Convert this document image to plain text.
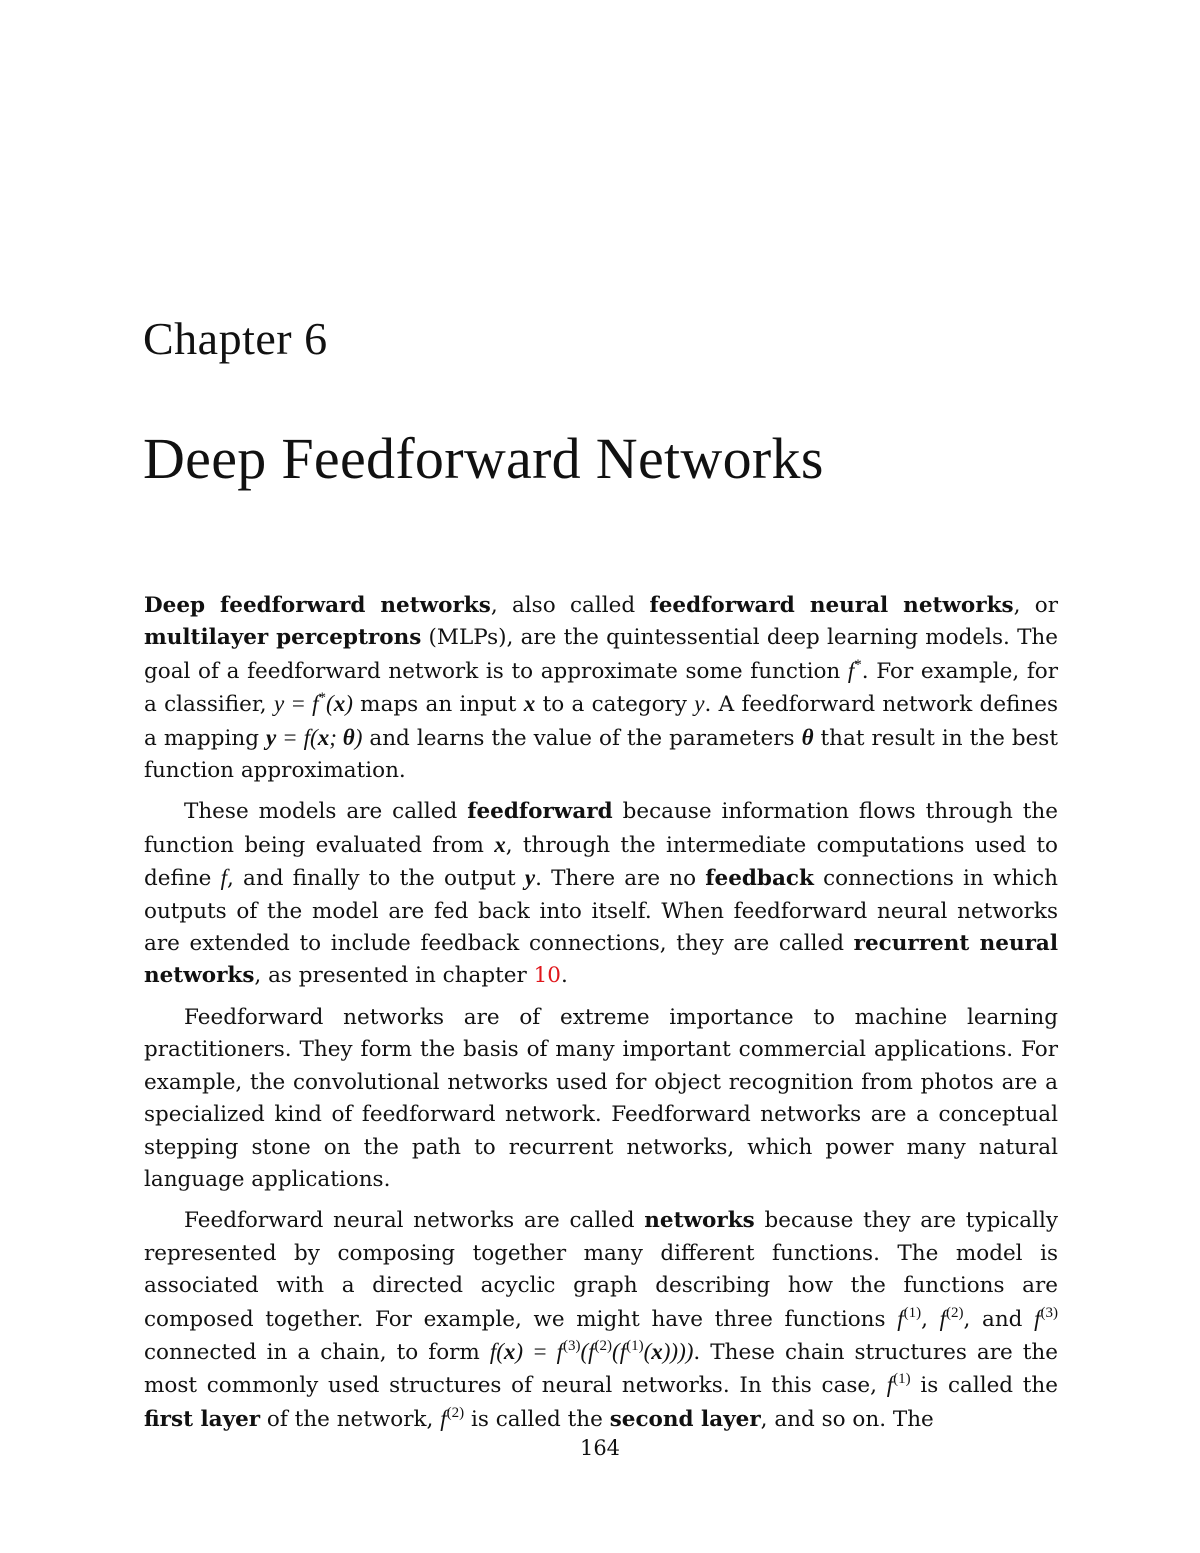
Chapter 6
Deep Feedforward Networks

Deep feedforward networks, also called feedforward neural networks, or multilayer perceptrons (MLPs), are the quintessential deep learning models. The goal of a feedforward network is to approximate some function f*. For example, for a classifier, y = f*(x) maps an input x to a category y. A feedforward network defines a mapping y = f(x; θ) and learns the value of the parameters θ that result in the best function approximation.

These models are called feedforward because information flows through the function being evaluated from x, through the intermediate computations used to define f, and finally to the output y. There are no feedback connections in which outputs of the model are fed back into itself. When feedforward neural networks are extended to include feedback connections, they are called recurrent neural networks, as presented in chapter 10.

Feedforward networks are of extreme importance to machine learning practitioners. They form the basis of many important commercial applications. For example, the convolutional networks used for object recognition from photos are a specialized kind of feedforward network. Feedforward networks are a conceptual stepping stone on the path to recurrent networks, which power many natural language applications.

Feedforward neural networks are called networks because they are typically represented by composing together many different functions. The model is associated with a directed acyclic graph describing how the functions are composed together. For example, we might have three functions $f^{(1)}$, $f^{(2)}$, and $f^{(3)}$ connected in a chain, to form $f(x) = f^{(3)}(f^{(2)}(f^{(1)}(x)))$). These chain structures are the most commonly used structures of neural networks. In this case, $f^{(1)}$ is called the first layer of the network, $f^{(2)}$ is called the second layer, and so on. The

164
